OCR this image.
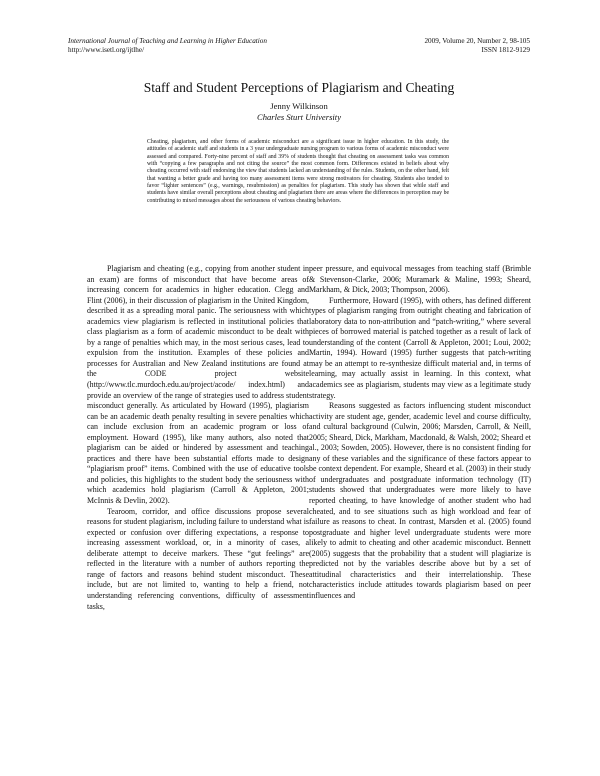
International Journal of Teaching and Learning in Higher Education
http://www.isetl.org/ijtlhe/
2009, Volume 20, Number 2, 98-105
ISSN 1812-9129
Staff and Student Perceptions of Plagiarism and Cheating
Jenny Wilkinson
Charles Sturt University
Cheating, plagiarism, and other forms of academic misconduct are a significant issue in higher education. In this study, the attitudes of academic staff and students in a 3 year undergraduate nursing program to various forms of academic misconduct were assessed and compared. Forty-nine percent of staff and 39% of students thought that cheating on assessment tasks was common with “copying a few paragraphs and not citing the source” the most common form. Differences existed in beliefs about why cheating occurred with staff endorsing the view that students lacked an understanding of the rules. Students, on the other hand, felt that wanting a better grade and having too many assessment items were strong motivators for cheating. Students also tended to favor “lighter sentences” (e.g., warnings, resubmission) as penalties for plagiarism. This study has shown that while staff and students have similar overall perceptions about cheating and plagiarism there are areas where the differences in perception may be contributing to mixed messages about the seriousness of various cheating behaviors.

Plagiarism and cheating (e.g., copying from another student in an exam) are forms of misconduct that have become areas of increasing concern for academics in higher education. Clegg and Flint (2006), in their discussion of plagiarism in the United Kingdom, described it as a spreading moral panic. The seriousness with which academics view plagiarism is reflected in institutional policies that class plagiarism as a form of academic misconduct to be dealt with by a range of penalties which may, in the most serious cases, lead to expulsion from the institution. Examples of these policies and processes for Australian and New Zealand institutions are found at the CODE project website (http://www.tlc.murdoch.edu.au/project/acode/ index.html) and provide an overview of the range of strategies used to address student misconduct generally. As articulated by Howard (1995), plagiarism can be an academic death penalty resulting in severe penalties which can include exclusion from an academic program or loss of employment. Howard (1995), like many authors, also noted that plagiarism can be aided or hindered by assessment and teaching practices and there have been substantial efforts made to design “plagiarism proof” items. Combined with the use of educative tools and policies, this highlights to the student body the seriousness with which academics hold plagiarism (Carroll & Appleton, 2001; McInnis & Devlin, 2002).

Tearoom, corridor, and office discussions propose several reasons for student plagiarism, including failure to understand what is expected or confusion over differing expectations, a response to increasing assessment workload, or, in a minority of cases, a deliberate attempt to deceive markers. These “gut feelings” are reflected in the literature with a number of authors reporting the range of factors and reasons behind student misconduct. These include, but are not limited to, wanting to help a friend, not understanding referencing conventions, difficulty of assessment tasks,

peer pressure, and equivocal messages from teaching staff (Brimble & Stevenson-Clarke, 2006; Muramark & Maline, 1993; Sheard, Markham, & Dick, 2003; Thompson, 2006).

Furthermore, Howard (1995), with others, has defined different types of plagiarism ranging from outright cheating and fabrication of laboratory data to non-attribution and “patch-writing,” where several pieces of borrowed material is patched together as a result of lack of understanding of the content (Carroll & Appleton, 2001; Loui, 2002; Martin, 1994). Howard (1995) further suggests that patch-writing may be an attempt to re-synthesize difficult material and, in terms of learning, may actually assist in learning. In this context, what academics see as plagiarism, students may view as a legitimate study strategy.

Reasons suggested as factors influencing student misconduct activity are student age, gender, academic level and course difficulty, and cultural background (Culwin, 2006; Marsden, Carroll, & Neill, 2005; Sheard, Dick, Markham, Macdonald, & Walsh, 2002; Sheard et al., 2003; Sowden, 2005). However, there is no consistent finding for any of these variables and the significance of these factors appear to be context dependent. For example, Sheard et al. (2003) in their study of undergraduates and postgraduate information technology (IT) students showed that undergraduates were more likely to have reported cheating, to have knowledge of another student who had cheated, and to see situations such as high workload and fear of failure as reasons to cheat. In contrast, Marsden et al. (2005) found postgraduate and higher level undergraduate students were more likely to admit to cheating and other academic misconduct. Bennett (2005) suggests that the probability that a student will plagiarize is predicted not by the variables describe above but by a set of attitudinal characteristics and their interrelationship. These characteristics include attitudes towards plagiarism based on peer influences and
